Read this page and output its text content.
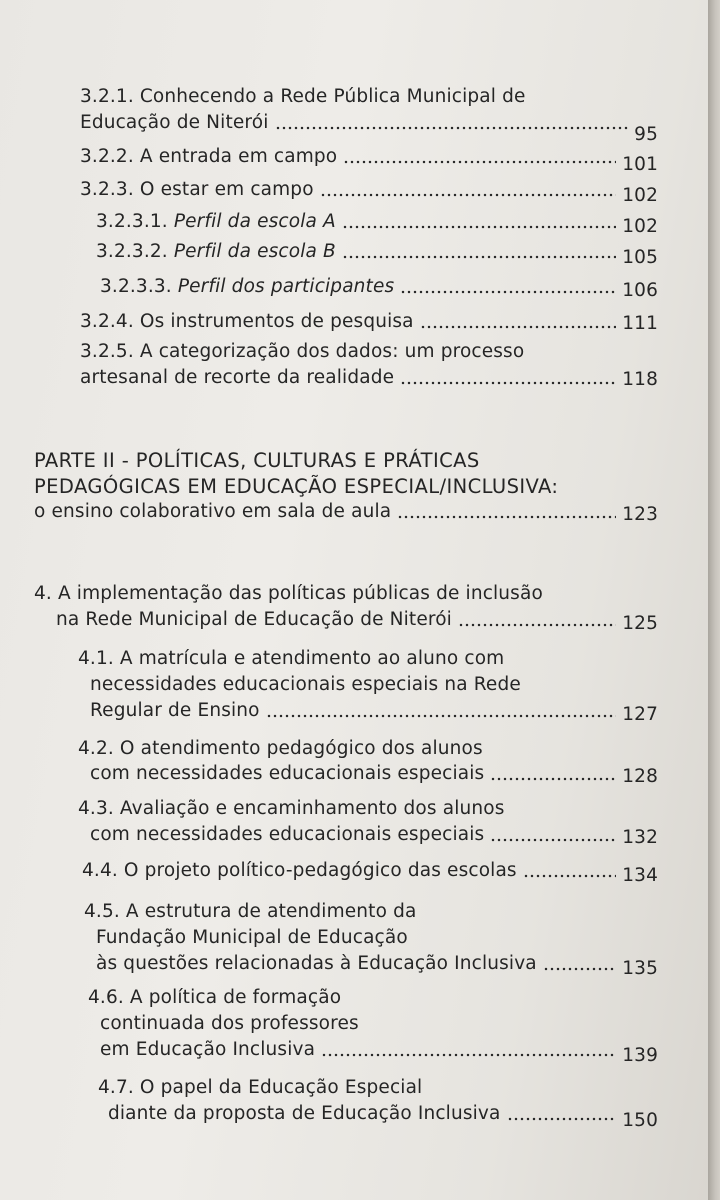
3.2.1. Conhecendo a Rede Pública Municipal de
Educação de Niterói
95
3.2.2. A entrada em campo	101
3.2.3. O estar em campo	102
3.2.3.1. Perfil da escola A	102
3.2.3.2. Perfil da escola B	105
3.2.3.3. Perfil dos participantes	106
3.2.4. Os instrumentos de pesquisa	111
3.2.5. A categorização dos dados: um processo
artesanal de recorte da realidade	118
PARTE II - POLÍTICAS, CULTURAS E PRÁTICAS
PEDAGÓGICAS EM EDUCAÇÃO ESPECIAL/INCLUSIVA:
o ensino colaborativo em sala de aula	123
4. A implementação das políticas públicas de inclusão
na Rede Municipal de Educação de Niterói	125
4.1. A matrícula e atendimento ao aluno com
necessidades educacionais especiais na Rede
Regular de Ensino	127
4.2. O atendimento pedagógico dos alunos
com necessidades educacionais especiais	128
4.3. Avaliação e encaminhamento dos alunos
com necessidades educacionais especiais	132
4.4. O projeto político-pedagógico das escolas	134
4.5. A estrutura de atendimento da
Fundação Municipal de Educação
às questões relacionadas à Educação Inclusiva	135
4.6. A política de formação
continuada dos professores
em Educação Inclusiva	139
4.7. O papel da Educação Especial
diante da proposta de Educação Inclusiva	150
